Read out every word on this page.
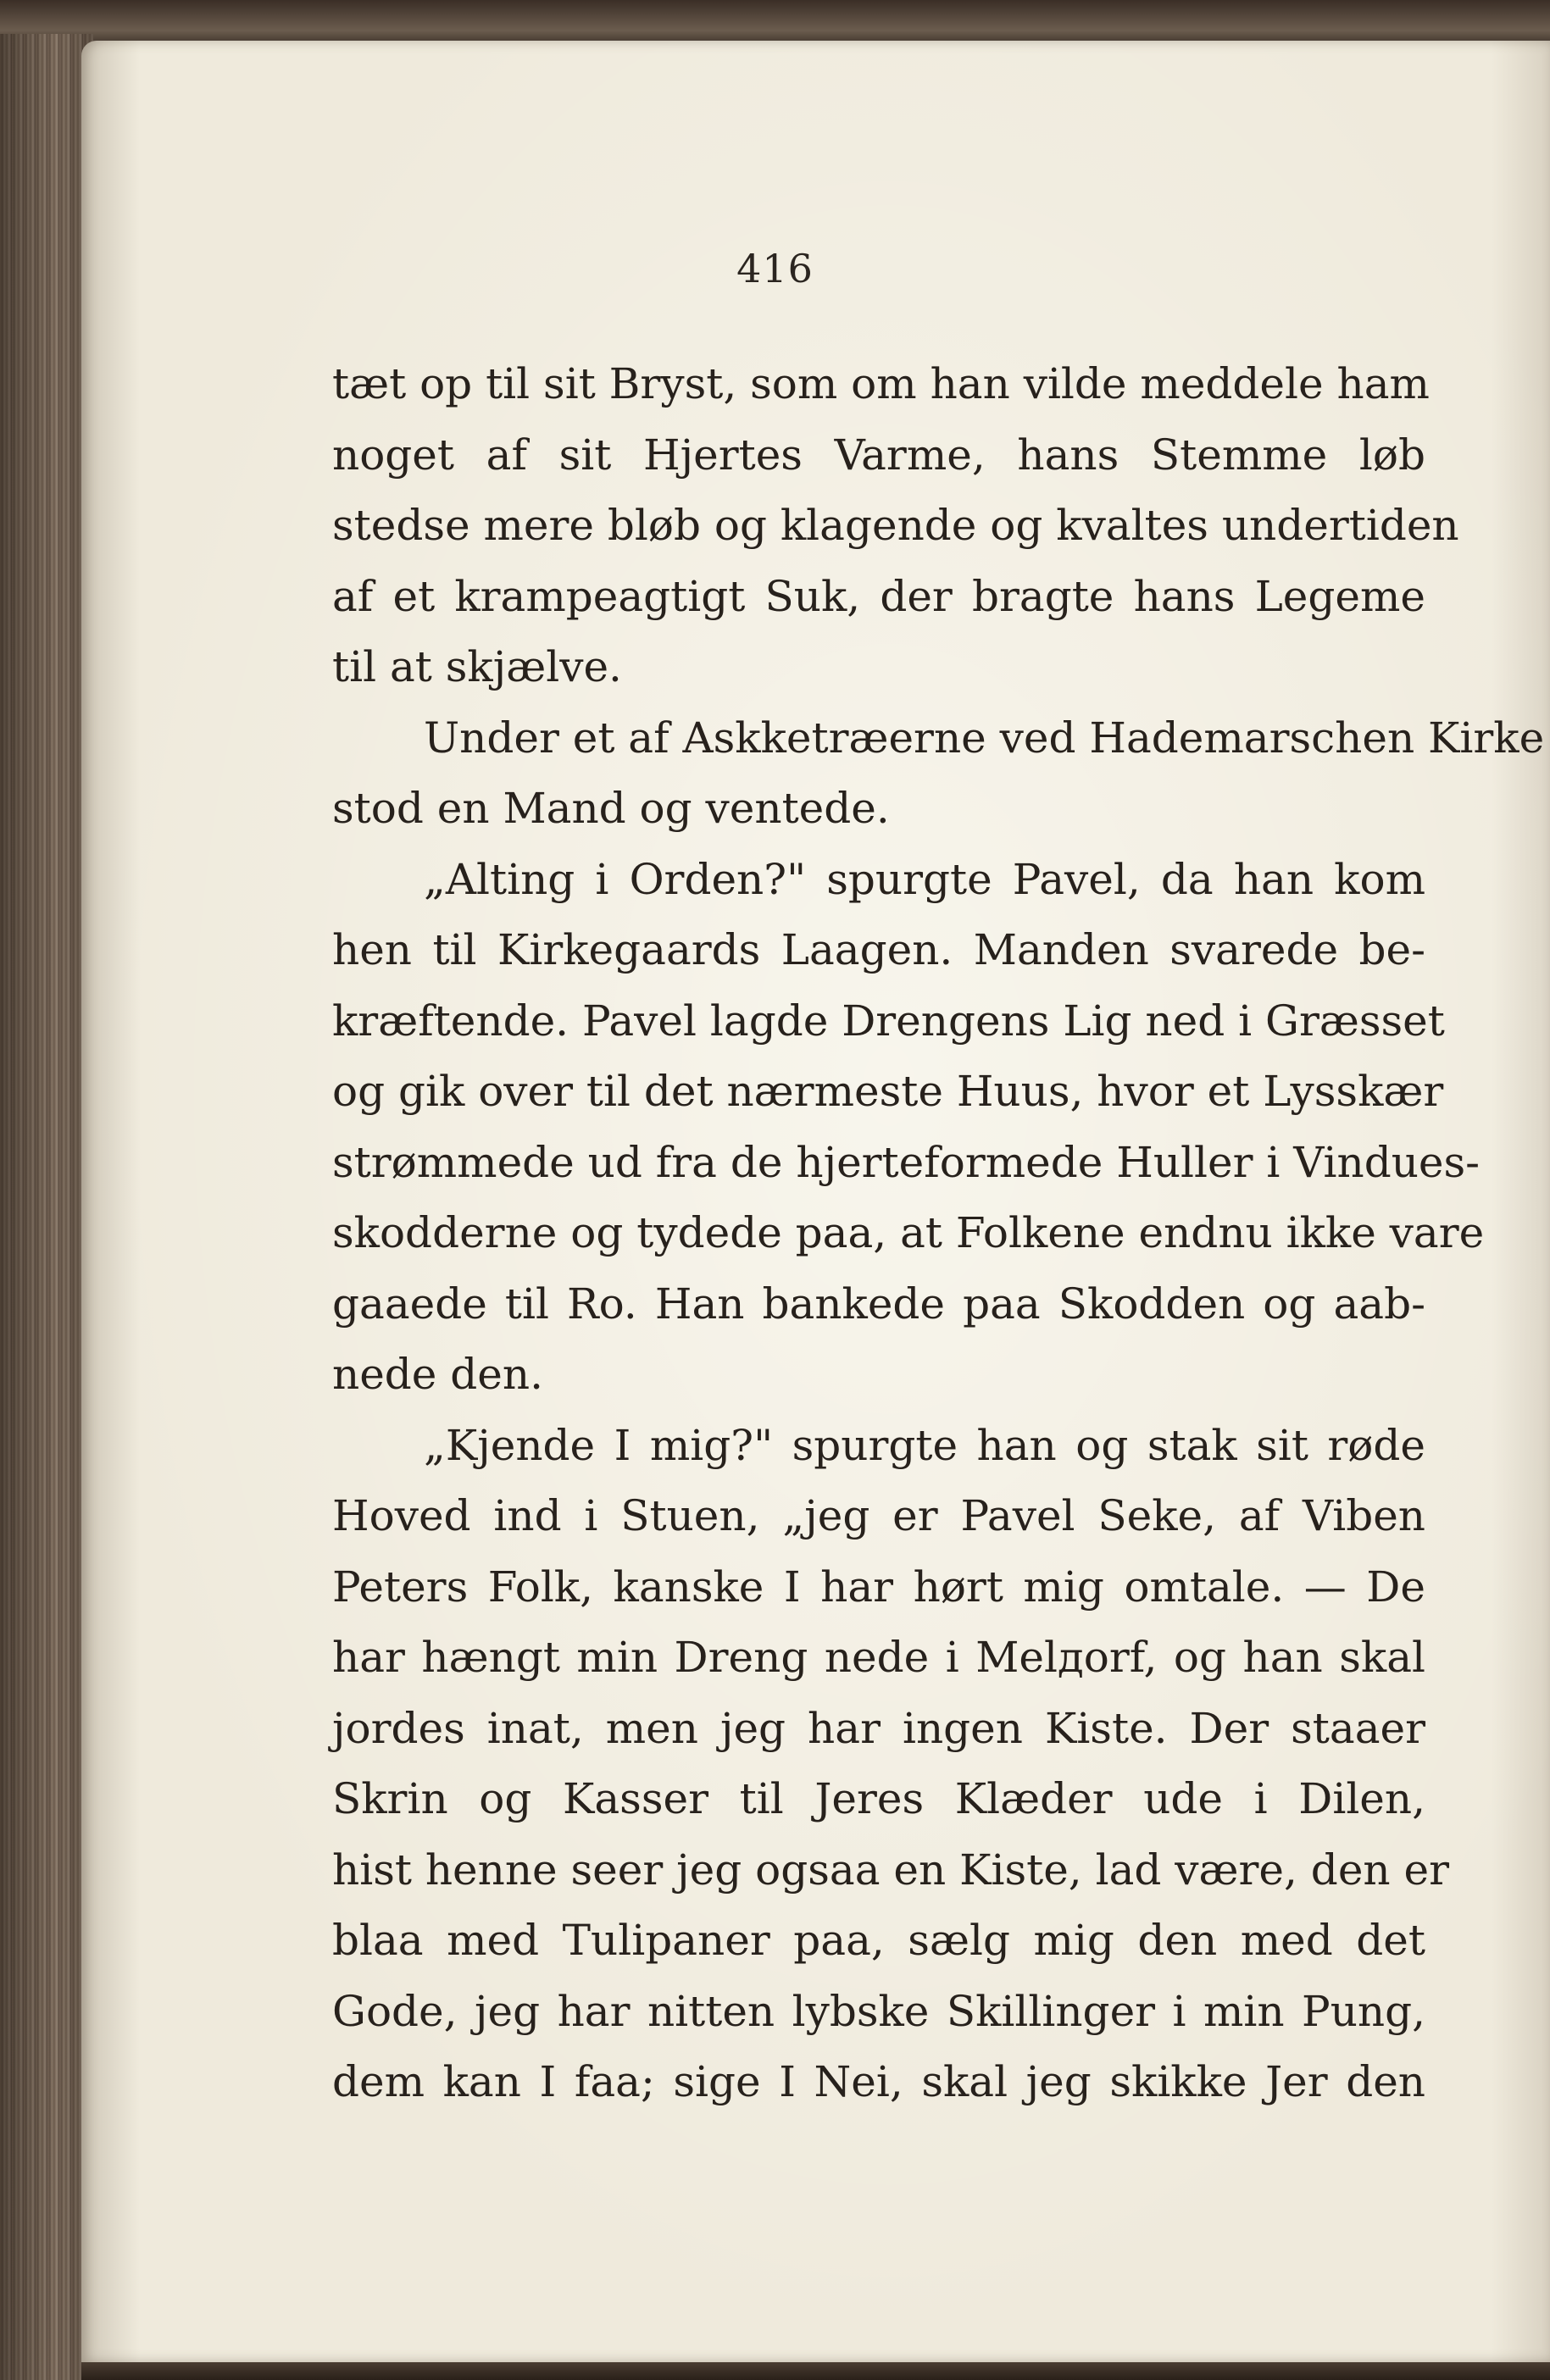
416
tæt op til sit Bryst, som om han vilde meddele ham
noget af sit Hjertes Varme, hans Stemme løb
stedse mere bløb og klagende og kvaltes undertiden
af et krampeagtigt Suk, der bragte hans Legeme
til at skjælve.
Under et af Askketræerne ved Hademarschen Kirke
stod en Mand og ventede.
„Alting i Orden?" spurgte Pavel, da han kom
hen til Kirkegaards Laagen. Manden svarede be-
kræftende. Pavel lagde Drengens Lig ned i Græsset
og gik over til det nærmeste Huus, hvor et Lysskær
strømmede ud fra de hjerteformede Huller i Vindues-
skodderne og tydede paa, at Folkene endnu ikke vare
gaaede til Ro. Han bankede paa Skodden og aab-
nede den.
„Kjende I mig?" spurgte han og stak sit røde
Hoved ind i Stuen, „jeg er Pavel Seke, af Viben
Peters Folk, kanske I har hørt mig omtale. — De
har hængt min Dreng nede i Melдorf, og han skal
jordes inat, men jeg har ingen Kiste. Der staaer
Skrin og Kasser til Jeres Klæder ude i Dilen,
hist henne seer jeg ogsaa en Kiste, lad være, den er
blaa med Tulipaner paa, sælg mig den med det
Gode, jeg har nitten lybske Skillinger i min Pung,
dem kan I faa; sige I Nei, skal jeg skikke Jer den
